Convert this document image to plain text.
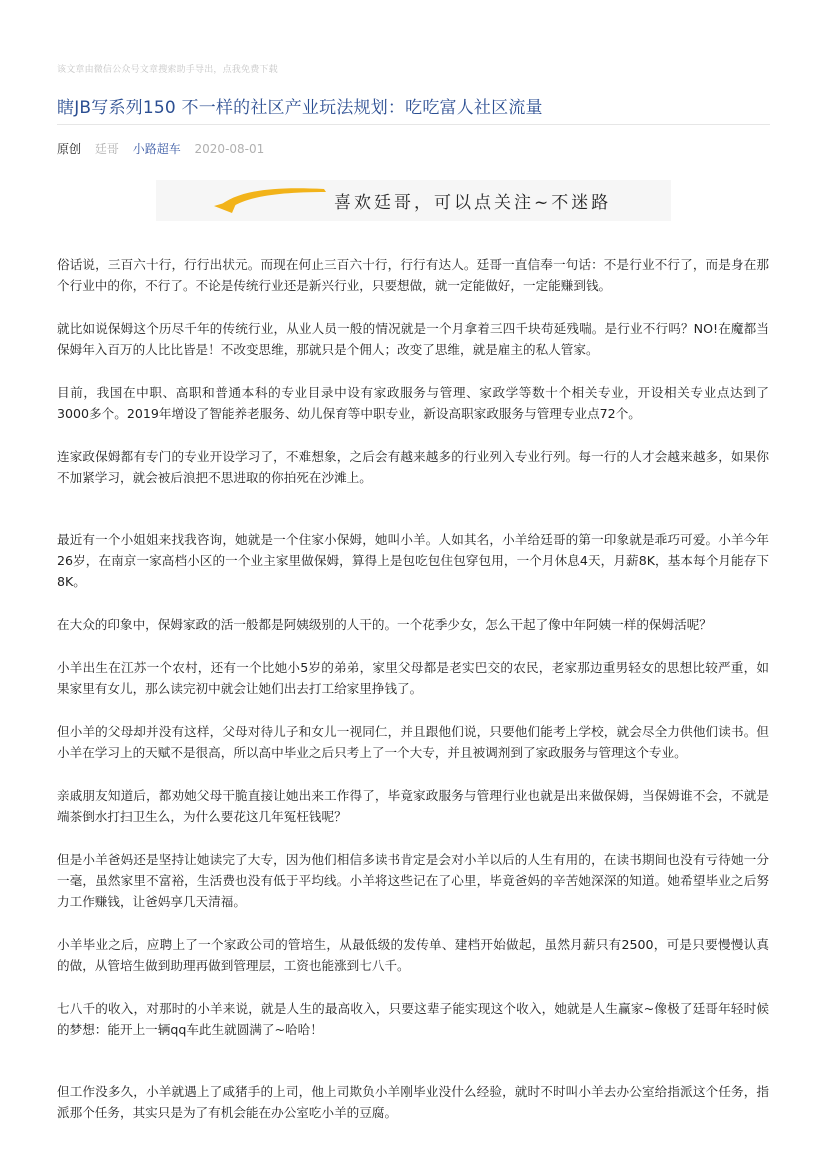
该文章由微信公众号文章搜索助手导出，点我免费下载
瞎JB写系列150 不一样的社区产业玩法规划：吃吃富人社区流量
原创 廷哥 小路超车 2020-08-01
喜欢廷哥，可以点关注~不迷路

俗话说，三百六十行，行行出状元。而现在何止三百六十行，行行有达人。廷哥一直信奉一句话：不是行业不行了，而是身在那个行业中的你，不行了。不论是传统行业还是新兴行业，只要想做，就一定能做好，一定能赚到钱。

就比如说保姆这个历尽千年的传统行业，从业人员一般的情况就是一个月拿着三四千块苟延残喘。是行业不行吗？NO!在魔都当保姆年入百万的人比比皆是！不改变思维，那就只是个佣人；改变了思维，就是雇主的私人管家。

目前，我国在中职、高职和普通本科的专业目录中设有家政服务与管理、家政学等数十个相关专业，开设相关专业点达到了3000多个。2019年增设了智能养老服务、幼儿保育等中职专业，新设高职家政服务与管理专业点72个。

连家政保姆都有专门的专业开设学习了，不难想象，之后会有越来越多的行业列入专业行列。每一行的人才会越来越多，如果你不加紧学习，就会被后浪把不思进取的你拍死在沙滩上。

最近有一个小姐姐来找我咨询，她就是一个住家小保姆，她叫小羊。人如其名，小羊给廷哥的第一印象就是乖巧可爱。小羊今年26岁，在南京一家高档小区的一个业主家里做保姆，算得上是包吃包住包穿包用，一个月休息4天，月薪8K，基本每个月能存下8K。

在大众的印象中，保姆家政的活一般都是阿姨级别的人干的。一个花季少女，怎么干起了像中年阿姨一样的保姆活呢？

小羊出生在江苏一个农村，还有一个比她小5岁的弟弟，家里父母都是老实巴交的农民，老家那边重男轻女的思想比较严重，如果家里有女儿，那么读完初中就会让她们出去打工给家里挣钱了。

但小羊的父母却并没有这样，父母对待儿子和女儿一视同仁，并且跟他们说，只要他们能考上学校，就会尽全力供他们读书。但小羊在学习上的天赋不是很高，所以高中毕业之后只考上了一个大专，并且被调剂到了家政服务与管理这个专业。

亲戚朋友知道后，都劝她父母干脆直接让她出来工作得了，毕竟家政服务与管理行业也就是出来做保姆，当保姆谁不会，不就是端茶倒水打扫卫生么，为什么要花这几年冤枉钱呢？

但是小羊爸妈还是坚持让她读完了大专，因为他们相信多读书肯定是会对小羊以后的人生有用的，在读书期间也没有亏待她一分一毫，虽然家里不富裕，生活费也没有低于平均线。小羊将这些记在了心里，毕竟爸妈的辛苦她深深的知道。她希望毕业之后努力工作赚钱，让爸妈享几天清福。

小羊毕业之后，应聘上了一个家政公司的管培生，从最低级的发传单、建档开始做起，虽然月薪只有2500，可是只要慢慢认真的做，从管培生做到助理再做到管理层，工资也能涨到七八千。

七八千的收入，对那时的小羊来说，就是人生的最高收入，只要这辈子能实现这个收入，她就是人生赢家~像极了廷哥年轻时候的梦想：能开上一辆qq车此生就圆满了~哈哈！

但工作没多久，小羊就遇上了咸猪手的上司，他上司欺负小羊刚毕业没什么经验，就时不时叫小羊去办公室给指派这个任务，指派那个任务，其实只是为了有机会能在办公室吃小羊的豆腐。
